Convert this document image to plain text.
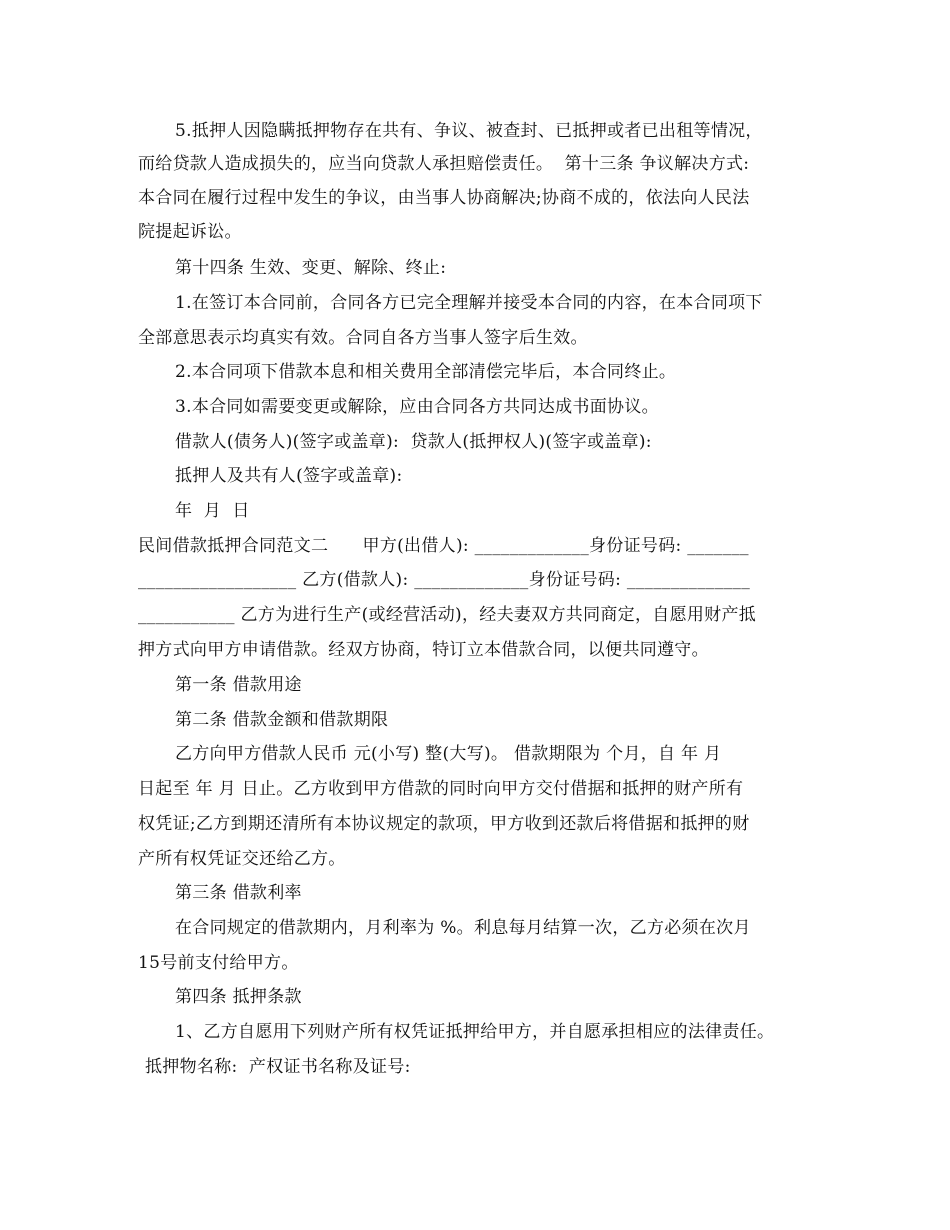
5.抵押人因隐瞒抵押物存在共有、争议、被查封、已抵押或者已出租等情况，

而给贷款人造成损失的，应当向贷款人承担赔偿责任。  第十三条 争议解决方式:

本合同在履行过程中发生的争议，由当事人协商解决;协商不成的，依法向人民法

院提起诉讼。

第十四条 生效、变更、解除、终止:

1.在签订本合同前，合同各方已完全理解并接受本合同的内容，在本合同项下

全部意思表示均真实有效。合同自各方当事人签字后生效。

2.本合同项下借款本息和相关费用全部清偿完毕后，本合同终止。

3.本合同如需要变更或解除，应由合同各方共同达成书面协议。

借款人(债务人)(签字或盖章):  贷款人(抵押权人)(签字或盖章):

抵押人及共有人(签字或盖章):

年  月  日

民间借款抵押合同范文二      甲方(出借人): _____________身份证号码: _______

__________________ 乙方(借款人): _____________身份证号码: ______________

___________ 乙方为进行生产(或经营活动)，经夫妻双方共同商定，自愿用财产抵

押方式向甲方申请借款。经双方协商，特订立本借款合同，以便共同遵守。

第一条 借款用途

第二条 借款金额和借款期限

乙方向甲方借款人民币 元(小写) 整(大写)。 借款期限为 个月，自 年 月

日起至 年 月 日止。乙方收到甲方借款的同时向甲方交付借据和抵押的财产所有

权凭证;乙方到期还清所有本协议规定的款项，甲方收到还款后将借据和抵押的财

产所有权凭证交还给乙方。

第三条 借款利率

在合同规定的借款期内，月利率为 %。利息每月结算一次，乙方必须在次月

15号前支付给甲方。

第四条 抵押条款

1、乙方自愿用下列财产所有权凭证抵押给甲方，并自愿承担相应的法律责任。

抵押物名称:  产权证书名称及证号:
